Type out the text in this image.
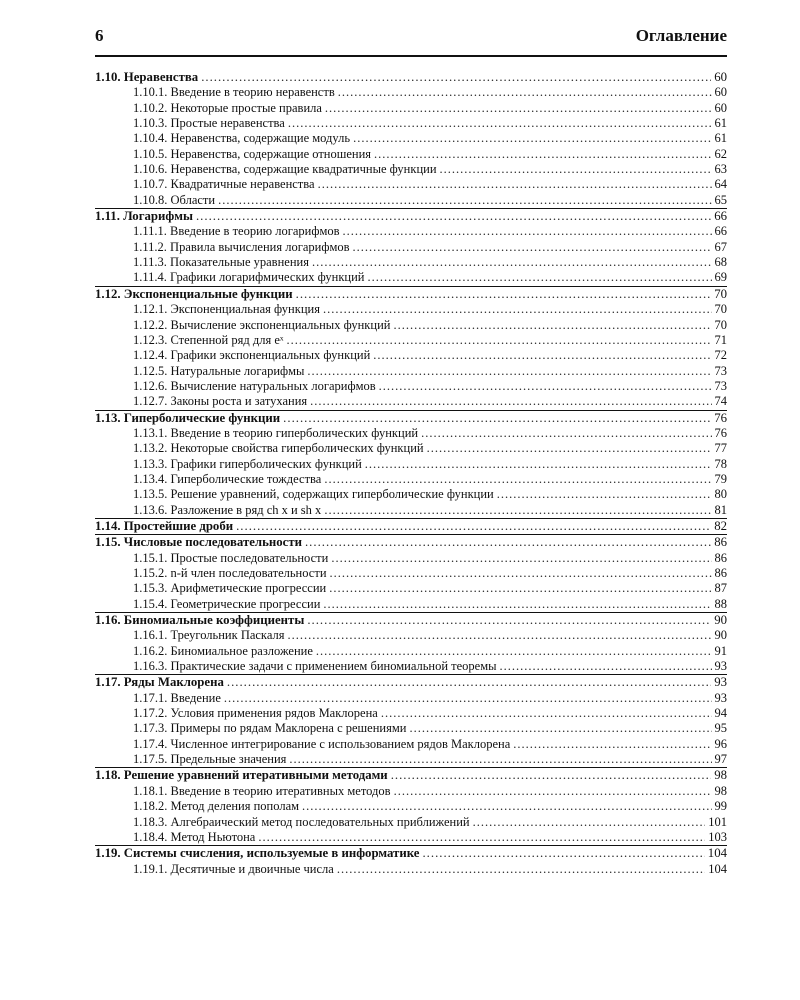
6	Оглавление
1.10.
Неравенства .....	60
1.10.1.
Введение в теорию неравенств .....	60
1.10.2.
Некоторые простые правила .....	60
1.10.3.
Простые неравенства .....	61
1.10.4.
Неравенства, содержащие модуль .....	61
1.10.5.
Неравенства, содержащие отношения .....	62
1.10.6.
Неравенства, содержащие квадратичные функции .....	63
1.10.7.
Квадратичные неравенства .....	64
1.10.8.
Области .....	65
1.11.
Логарифмы .....	66
1.11.1.
Введение в теорию логарифмов .....	66
1.11.2.
Правила вычисления логарифмов .....	67
1.11.3.
Показательные уравнения .....	68
1.11.4.
Графики логарифмических функций .....	69
1.12.
Экспоненциальные функции .....	70
1.12.1.
Экспоненциальная функция .....	70
1.12.2.
Вычисление экспоненциальных функций .....	70
1.12.3.
Степенной ряд для eˣ .....	71
1.12.4.
Графики экспоненциальных функций .....	72
1.12.5.
Натуральные логарифмы .....	73
1.12.6.
Вычисление натуральных логарифмов .....	73
1.12.7.
Законы роста и затухания .....	74
1.13.
Гиперболические функции .....	76
1.13.1.
Введение в теорию гиперболических функций .....	76
1.13.2.
Некоторые свойства гиперболических функций .....	77
1.13.3.
Графики гиперболических функций .....	78
1.13.4.
Гиперболические тождества .....	79
1.13.5.
Решение уравнений, содержащих гиперболические функции .....	80
1.13.6.
Разложение в ряд ch x и sh x .....	81
1.14.
Простейшие дроби .....	82
1.15.
Числовые последовательности .....	86
1.15.1.
Простые последовательности .....	86
1.15.2.
n-й член последовательности .....	86
1.15.3.
Арифметические прогрессии .....	87
1.15.4.
Геометрические прогрессии .....	88
1.16.
Биномиальные коэффициенты .....	90
1.16.1.
Треугольник Паскаля .....	90
1.16.2.
Биномиальное разложение .....	91
1.16.3.
Практические задачи с применением биномиальной теоремы .....	93
1.17.
Ряды Маклорена .....	93
1.17.1.
Введение .....	93
1.17.2.
Условия применения рядов Маклорена .....	94
1.17.3.
Примеры по рядам Маклорена с решениями .....	95
1.17.4.
Численное интегрирование с использованием рядов Маклорена .....	96
1.17.5.
Предельные значения .....	97
1.18.
Решение уравнений итеративными методами .....	98
1.18.1.
Введение в теорию итеративных методов .....	98
1.18.2.
Метод деления пополам .....	99
1.18.3.
Алгебраический метод последовательных приближений .....	101
1.18.4.
Метод Ньютона .....	103
1.19.
Системы счисления, используемые в информатике .....	104
1.19.1.
Десятичные и двоичные числа .....	104
